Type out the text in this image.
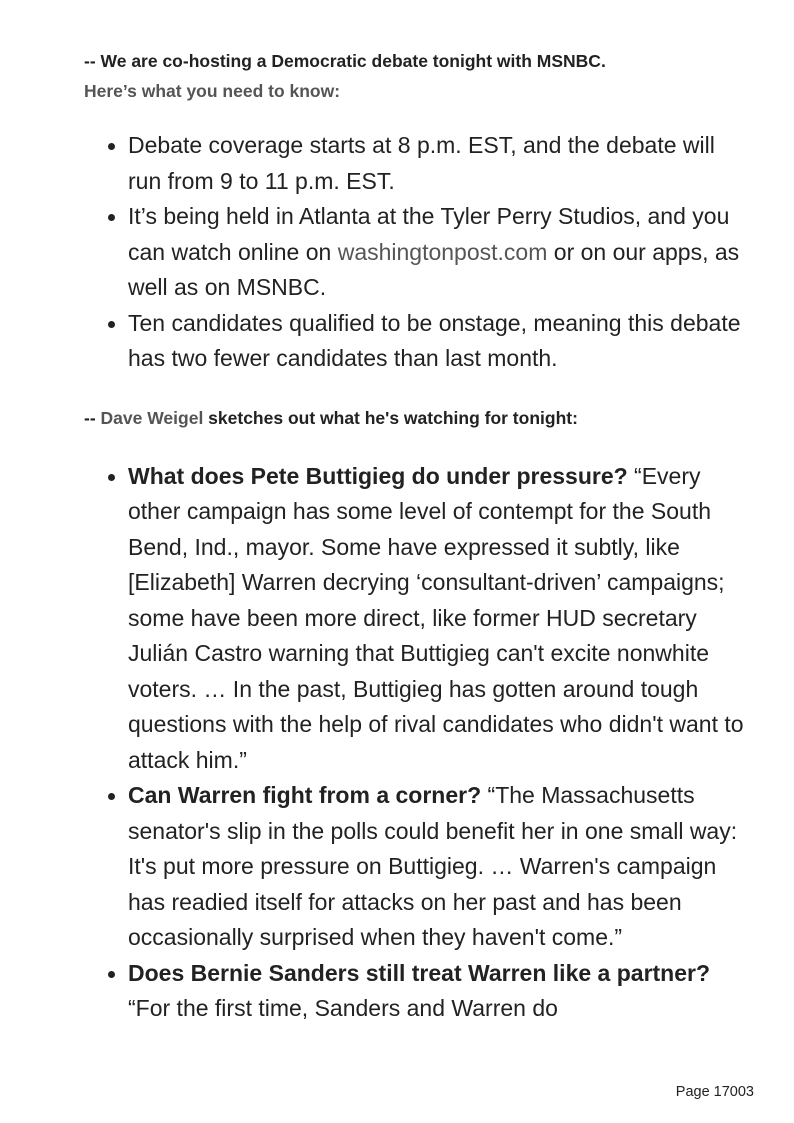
-- We are co-hosting a Democratic debate tonight with MSNBC.

Here’s what you need to know:

Debate coverage starts at 8 p.m. EST, and the debate will run from 9 to 11 p.m. EST.
It’s being held in Atlanta at the Tyler Perry Studios, and you can watch online on washingtonpost.com or on our apps, as well as on MSNBC.
Ten candidates qualified to be onstage, meaning this debate has two fewer candidates than last month.

-- Dave Weigel sketches out what he's watching for tonight:

What does Pete Buttigieg do under pressure? “Every other campaign has some level of contempt for the South Bend, Ind., mayor. Some have expressed it subtly, like [Elizabeth] Warren decrying ‘consultant-driven’ campaigns; some have been more direct, like former HUD secretary Julián Castro warning that Buttigieg can't excite nonwhite voters. … In the past, Buttigieg has gotten around tough questions with the help of rival candidates who didn't want to attack him.”
Can Warren fight from a corner? “The Massachusetts senator's slip in the polls could benefit her in one small way: It's put more pressure on Buttigieg. … Warren's campaign has readied itself for attacks on her past and has been occasionally surprised when they haven't come.”
Does Bernie Sanders still treat Warren like a partner? “For the first time, Sanders and Warren do
Page 17003
